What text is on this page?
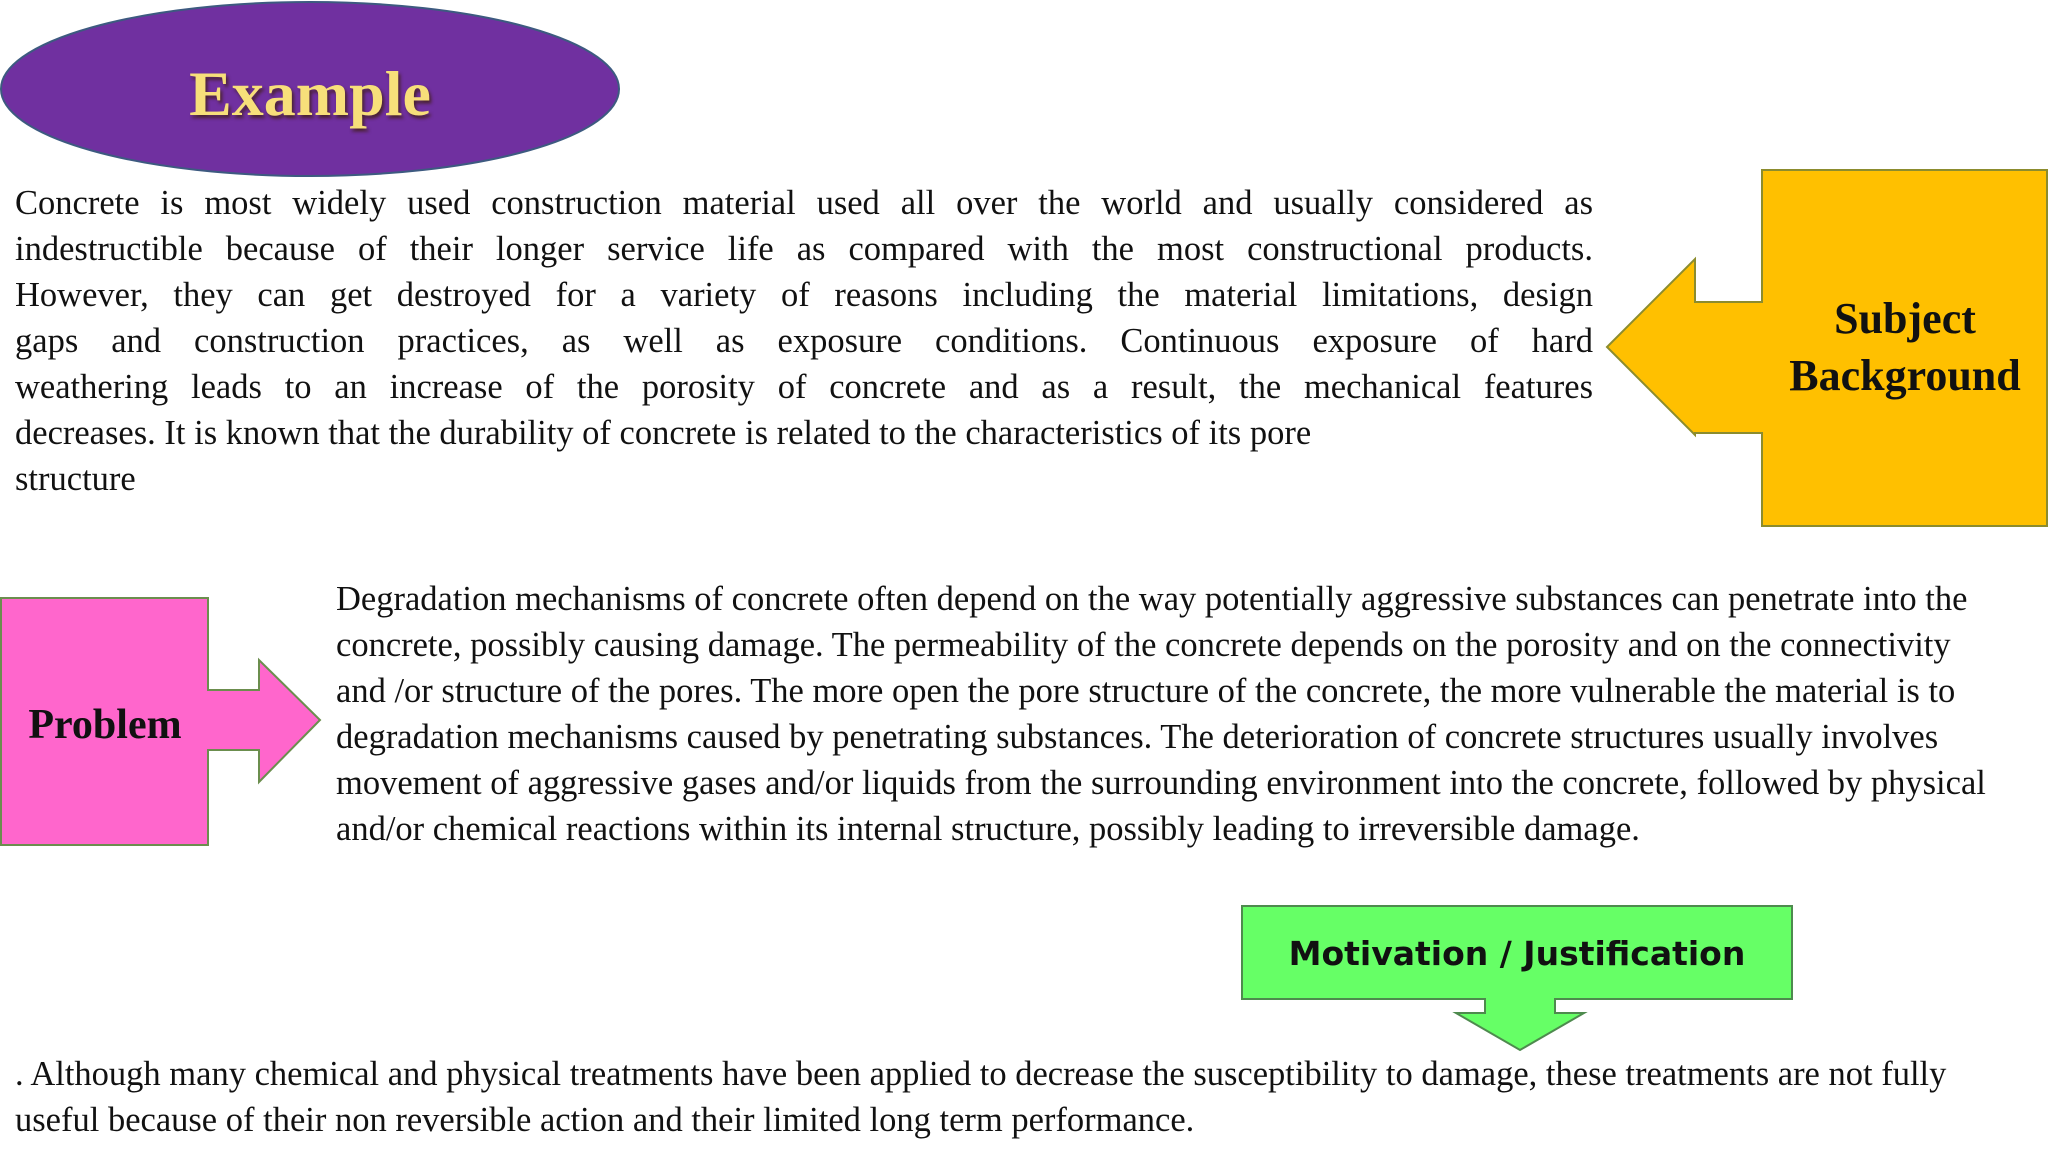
Example
Subject
Background
Problem
Motivation / Justification
Concrete is most widely used construction material used all over the world and usually considered as
indestructible because of their longer service life as compared with the most constructional products.
However, they can get destroyed for a variety of reasons including the material limitations, design
gaps and construction practices, as well as exposure conditions. Continuous exposure of hard
weathering leads to an increase of the porosity of concrete and as a result, the mechanical features
decreases. It is known that the durability of concrete is related to the characteristics of its pore
structure

Degradation mechanisms of concrete often depend on the way potentially aggressive substances can penetrate into the concrete, possibly causing damage. The permeability of the concrete depends on the porosity and on the connectivity and /or structure of the pores. The more open the pore structure of the concrete, the more vulnerable the material is to degradation mechanisms caused by penetrating substances. The deterioration of concrete structures usually involves movement of aggressive gases and/or liquids from the surrounding environment into the concrete, followed by physical and/or chemical reactions within its internal structure, possibly leading to irreversible damage.

. Although many chemical and physical treatments have been applied to decrease the susceptibility to damage, these treatments are not fully useful because of their non reversible action and their limited long term performance.
